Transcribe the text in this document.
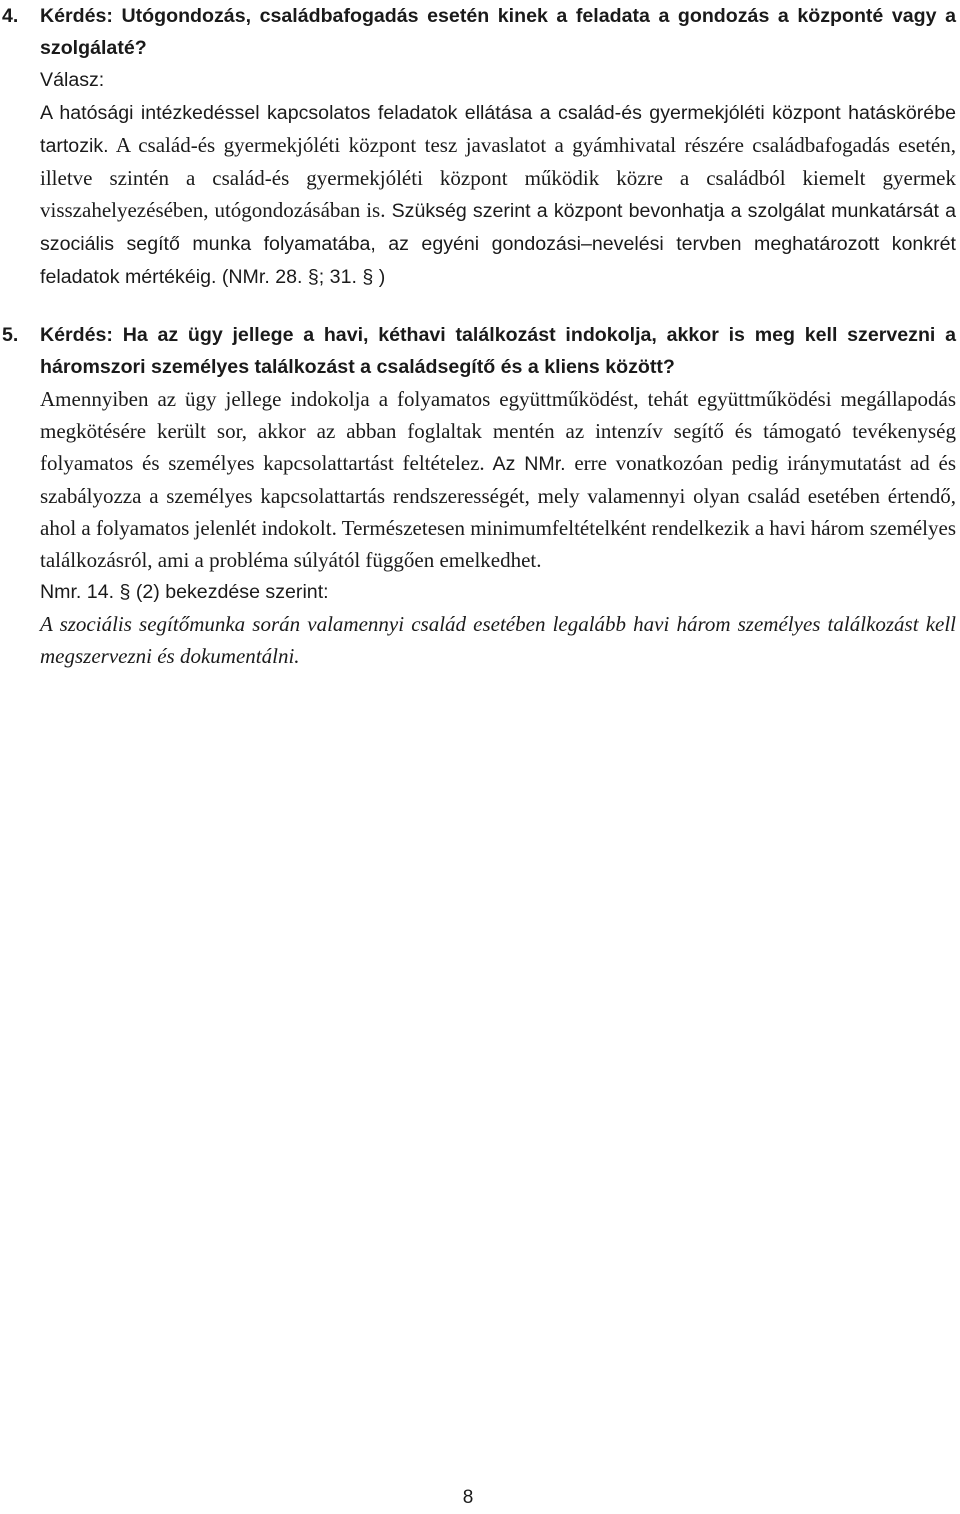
4. Kérdés: Utógondozás, családbafogadás esetén kinek a feladata a gondozás a központé vagy a szolgálaté?
Válasz:
A hatósági intézkedéssel kapcsolatos feladatok ellátása a család-és gyermekjóléti központ hatáskörébe tartozik. A család-és gyermekjóléti központ tesz javaslatot a gyámhivatal részére családbafogadás esetén, illetve szintén a család-és gyermekjóléti központ működik közre a családból kiemelt gyermek visszahelyezésében, utógondozásában is. Szükség szerint a központ bevonhatja a szolgálat munkatársát a szociális segítő munka folyamatába, az egyéni gondozási–nevelési tervben meghatározott konkrét feladatok mértékéig. (NMr. 28. §; 31. § )
5. Kérdés: Ha az ügy jellege a havi, kéthavi találkozást indokolja, akkor is meg kell szervezni a háromszori személyes találkozást a családsegítő és a kliens között?
Amennyiben az ügy jellege indokolja a folyamatos együttműködést, tehát együttműködési megállapodás megkötésére került sor, akkor az abban foglaltak mentén az intenzív segítő és támogató tevékenység folyamatos és személyes kapcsolattartást feltételez. Az NMr. erre vonatkozóan pedig iránymutatást ad és szabályozza a személyes kapcsolattartás rendszerességét, mely valamennyi olyan család esetében értendő, ahol a folyamatos jelenlét indokolt. Természetesen minimumfeltételként rendelkezik a havi három személyes találkozásról, ami a probléma súlyától függően emelkedhet.
Nmr. 14. § (2) bekezdése szerint:
A szociális segítőmunka során valamennyi család esetében legalább havi három személyes találkozást kell megszervezni és dokumentálni.
8
